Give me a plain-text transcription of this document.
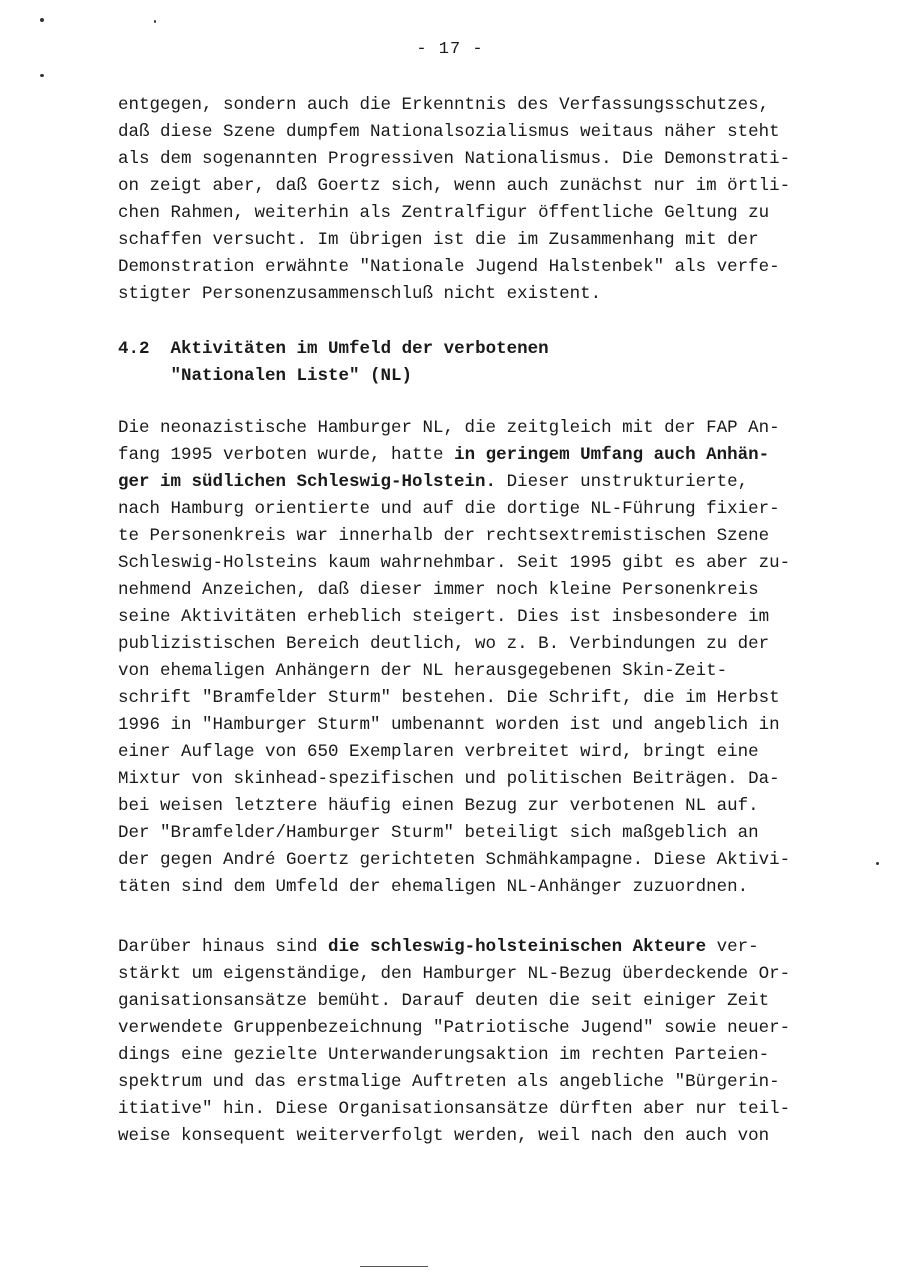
- 17 -
entgegen, sondern auch die Erkenntnis des Verfassungsschutzes,
daß diese Szene dumpfem Nationalsozialismus weitaus näher steht
als dem sogenannten Progressiven Nationalismus. Die Demonstrati-
on zeigt aber, daß Goertz sich, wenn auch zunächst nur im örtli-
chen Rahmen, weiterhin als Zentralfigur öffentliche Geltung zu
schaffen versucht. Im übrigen ist die im Zusammenhang mit der
Demonstration erwähnte "Nationale Jugend Halstenbek" als verfe-
stigter Personenzusammenschluß nicht existent.
4.2 Aktivitäten im Umfeld der verbotenen
"Nationalen Liste" (NL)
Die neonazistische Hamburger NL, die zeitgleich mit der FAP An-
fang 1995 verboten wurde, hatte in geringem Umfang auch Anhän-
ger im südlichen Schleswig-Holstein. Dieser unstrukturierte,
nach Hamburg orientierte und auf die dortige NL-Führung fixier-
te Personenkreis war innerhalb der rechtsextremistischen Szene
Schleswig-Holsteins kaum wahrnehmbar. Seit 1995 gibt es aber zu-
nehmend Anzeichen, daß dieser immer noch kleine Personenkreis
seine Aktivitäten erheblich steigert. Dies ist insbesondere im
publizistischen Bereich deutlich, wo z. B. Verbindungen zu der
von ehemaligen Anhängern der NL herausgegebenen Skin-Zeit-
schrift "Bramfelder Sturm" bestehen. Die Schrift, die im Herbst
1996 in "Hamburger Sturm" umbenannt worden ist und angeblich in
einer Auflage von 650 Exemplaren verbreitet wird, bringt eine
Mixtur von skinhead-spezifischen und politischen Beiträgen. Da-
bei weisen letztere häufig einen Bezug zur verbotenen NL auf.
Der "Bramfelder/Hamburger Sturm" beteiligt sich maßgeblich an
der gegen André Goertz gerichteten Schmähkampagne. Diese Aktivi-
täten sind dem Umfeld der ehemaligen NL-Anhänger zuzuordnen.
Darüber hinaus sind die schleswig-holsteinischen Akteure ver-
stärkt um eigenständige, den Hamburger NL-Bezug überdeckende Or-
ganisationsansätze bemüht. Darauf deuten die seit einiger Zeit
verwendete Gruppenbezeichnung "Patriotische Jugend" sowie neuer-
dings eine gezielte Unterwanderungsaktion im rechten Parteien-
spektrum und das erstmalige Auftreten als angebliche "Bürgerin-
itiative" hin. Diese Organisationsansätze dürften aber nur teil-
weise konsequent weiterverfolgt werden, weil nach den auch von
